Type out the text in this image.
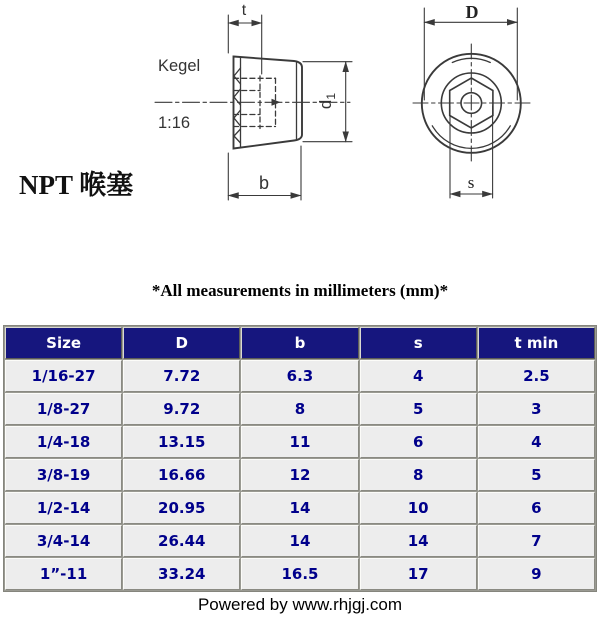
Kegel
1:16
t
b
$d_1$
D
s
NPT 喉塞
*All measurements in millimeters (mm)*
Size	D	b	s	t min
1/16-27	7.72	6.3	4	2.5
1/8-27	9.72	8	5	3
1/4-18	13.15	11	6	4
3/8-19	16.66	12	8	5
1/2-14	20.95	14	10	6
3/4-14	26.44	14	14	7
1”-11	33.24	16.5	17	9
Powered by www.rhjgj.com
